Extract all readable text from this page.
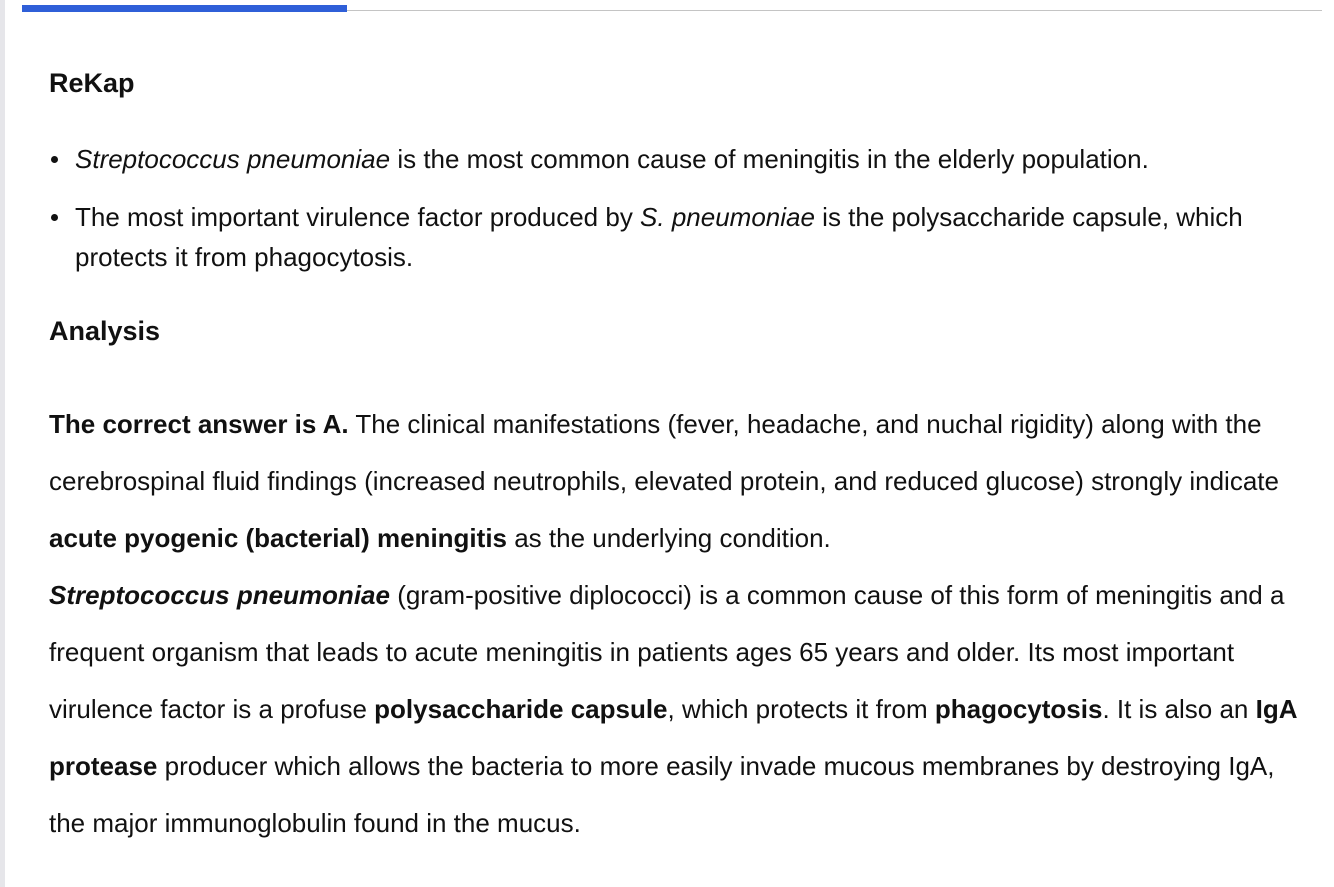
ReKap
Streptococcus pneumoniae is the most common cause of meningitis in the elderly population.
The most important virulence factor produced by S. pneumoniae is the polysaccharide capsule, which protects it from phagocytosis.
Analysis

The correct answer is A. The clinical manifestations (fever, headache, and nuchal rigidity) along with the cerebrospinal fluid findings (increased neutrophils, elevated protein, and reduced glucose) strongly indicate acute pyogenic (bacterial) meningitis as the underlying condition.
Streptococcus pneumoniae (gram-positive diplococci) is a common cause of this form of meningitis and a frequent organism that leads to acute meningitis in patients ages 65 years and older. Its most important virulence factor is a profuse polysaccharide capsule, which protects it from phagocytosis. It is also an IgA protease producer which allows the bacteria to more easily invade mucous membranes by destroying IgA, the major immunoglobulin found in the mucus.
